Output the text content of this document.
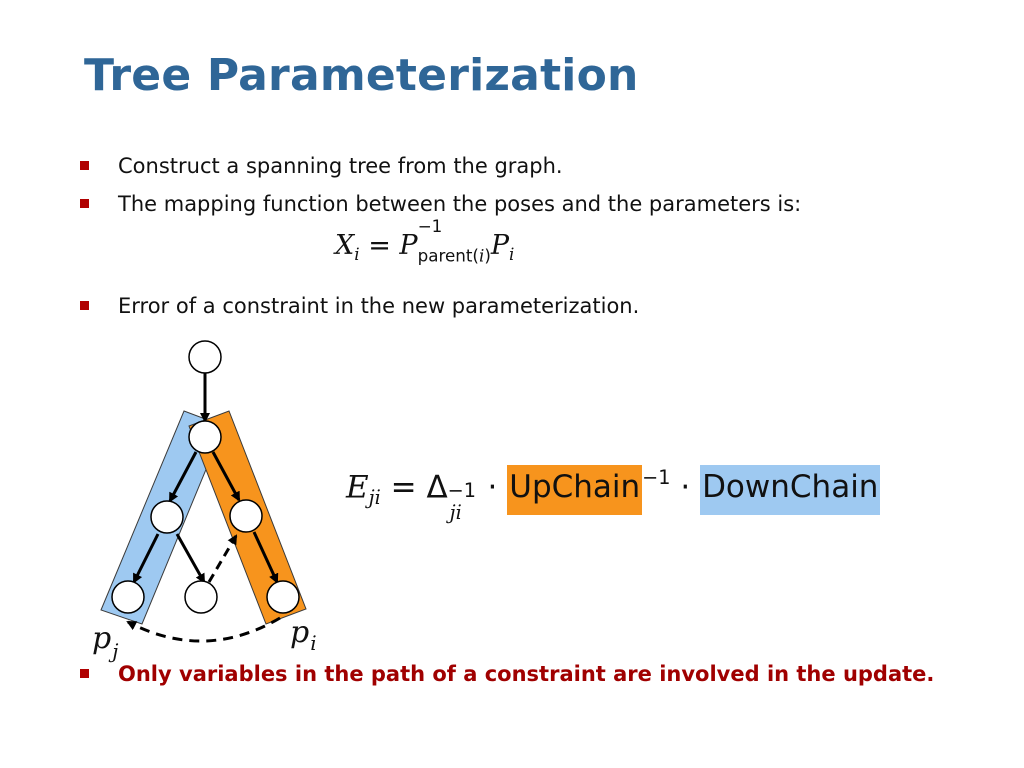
Tree Parameterization
Construct a spanning tree from the graph.
The mapping function between the poses and the parameters is:
$X_i = P$
−1
$_{parent(i)}P_i$
Error of a constraint in the new parameterization.
$p_j$
$p_i$
$E_{ji} = \Delta -1$
ji
· UpChain $^{-1}$ · DownChain
Only variables in the path of a constraint are involved in the update.
